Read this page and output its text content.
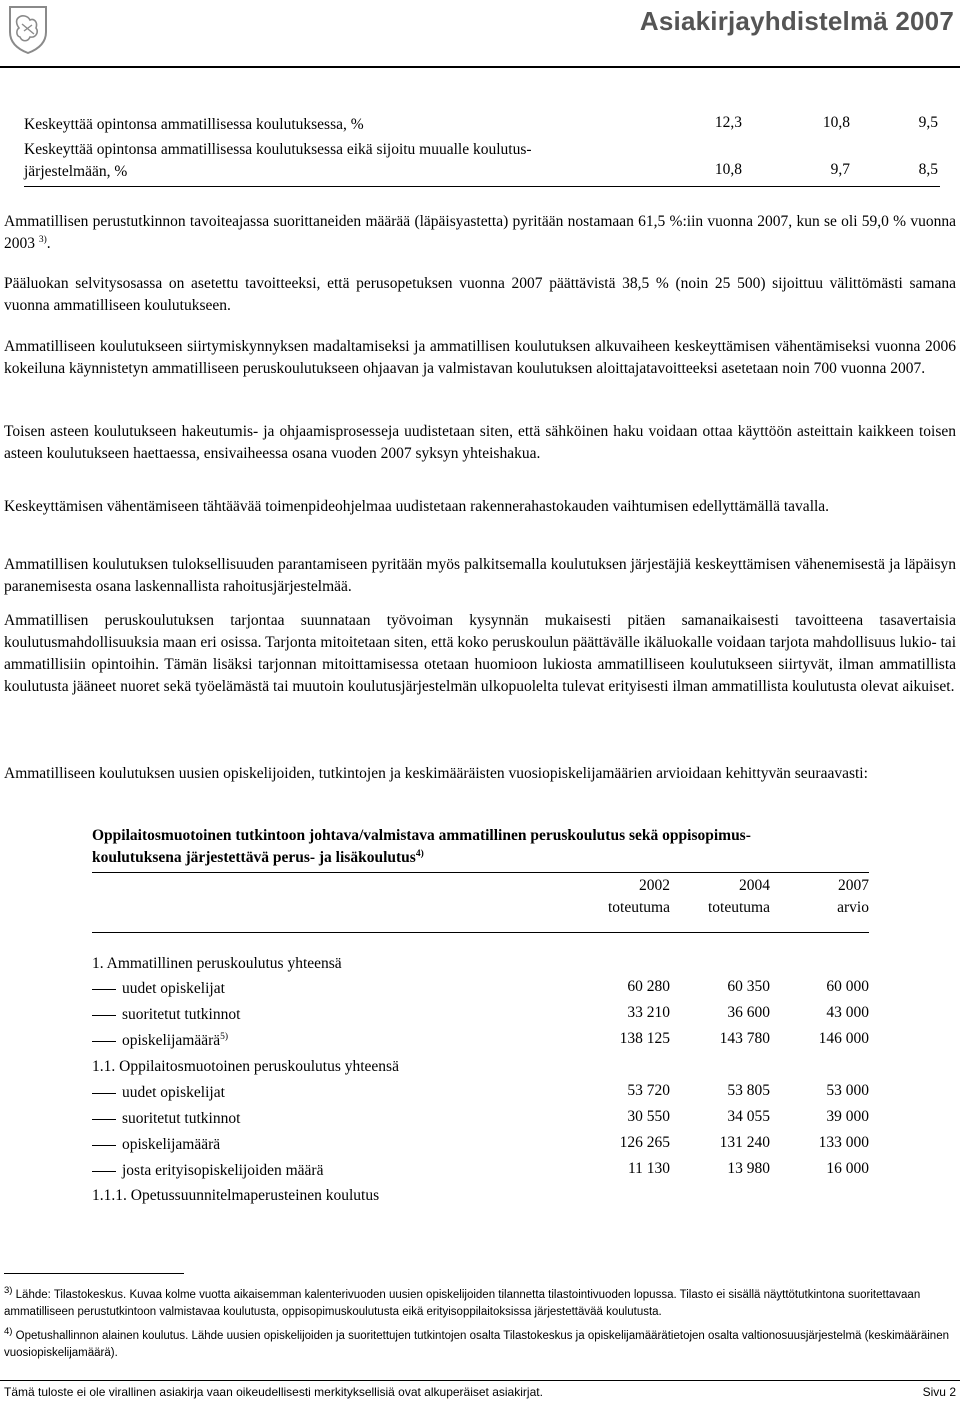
Asiakirjayhdistelmä 2007
Keskeyttää opintonsa ammatillisessa koulutuksessa, %	12,3	10,8	9,5
Keskeyttää opintonsa ammatillisessa koulutuksessa eikä sijoitu muualle koulutus-
järjestelmään, %	10,8	9,7	8,5
Ammatillisen perustutkinnon tavoiteajassa suorittaneiden määrää (läpäisyastetta) pyritään nostamaan 61,5 %:iin vuonna 2007, kun se oli 59,0 % vuonna 2003 $^{3)}$.
Pääluokan selvitysosassa on asetettu tavoitteeksi, että perusopetuksen vuonna 2007 päättävistä 38,5 % (noin 25 500) sijoittuu välittömästi samana vuonna ammatilliseen koulutukseen.
Ammatilliseen koulutukseen siirtymiskynnyksen madaltamiseksi ja ammatillisen koulutuksen alkuvaiheen keskeyttämisen vähentämiseksi vuonna 2006 kokeiluna käynnistetyn ammatilliseen peruskoulutukseen ohjaavan ja valmistavan koulutuksen aloittajatavoitteeksi asetetaan noin 700 vuonna 2007.
Toisen asteen koulutukseen hakeutumis- ja ohjaamisprosesseja uudistetaan siten, että sähköinen haku voidaan ottaa käyttöön asteittain kaikkeen toisen asteen koulutukseen haettaessa, ensivaiheessa osana vuoden 2007 syksyn yhteishakua.
Keskeyttämisen vähentämiseen tähtäävää toimenpideohjelmaa uudistetaan rakennerahastokauden vaihtumisen edellyttämällä tavalla.
Ammatillisen koulutuksen tuloksellisuuden parantamiseen pyritään myös palkitsemalla koulutuksen järjestäjiä keskeyttämisen vähenemisestä ja läpäisyn paranemisesta osana laskennallista rahoitusjärjestelmää.
Ammatillisen peruskoulutuksen tarjontaa suunnataan työvoiman kysynnän mukaisesti pitäen samanaikaisesti tavoitteena tasavertaisia koulutusmahdollisuuksia maan eri osissa. Tarjonta mitoitetaan siten, että koko peruskoulun päättävälle ikäluokalle voidaan tarjota mahdollisuus lukio- tai ammatillisiin opintoihin. Tämän lisäksi tarjonnan mitoittamisessa otetaan huomioon lukiosta ammatilliseen koulutukseen siirtyvät, ilman ammatillista koulutusta jääneet nuoret sekä työelämästä tai muutoin koulutusjärjestelmän ulkopuolelta tulevat erityisesti ilman ammatillista koulutusta olevat aikuiset.
Ammatilliseen koulutuksen uusien opiskelijoiden, tutkintojen ja keskimääräisten vuosiopiskelijamäärien arvioidaan kehittyvän seuraavasti:
Oppilaitosmuotoinen tutkintoon johtava/valmistava ammatillinen peruskoulutus sekä oppisopimus-
koulutuksena järjestettävä perus- ja lisäkoulutus$^{4)}$
2002	2004	2007
toteutuma	toteutuma	arvio
1. Ammatillinen peruskoulutus yhteensä
uudet opiskelijat	60 280	60 350	60 000
suoritetut tutkinnot	33 210	36 600	43 000
opiskelijamäärä$^{5)}$	138 125	143 780	146 000
1.1. Oppilaitosmuotoinen peruskoulutus yhteensä
uudet opiskelijat	53 720	53 805	53 000
suoritetut tutkinnot	30 550	34 055	39 000
opiskelijamäärä	126 265	131 240	133 000
josta erityisopiskelijoiden määrä	11 130	13 980	16 000
1.1.1. Opetussuunnitelmaperusteinen koulutus
$^{3)}$ Lähde: Tilastokeskus. Kuvaa kolme vuotta aikaisemman kalenterivuoden uusien opiskelijoiden tilannetta tilastointivuoden lopussa. Tilasto ei sisällä näyttötutkintona suoritettavaan ammatilliseen perustutkintoon valmistavaa koulutusta, oppisopimuskoulutusta eikä erityisoppilaitoksissa järjestettävää koulutusta.
$^{4)}$ Opetushallinnon alainen koulutus. Lähde uusien opiskelijoiden ja suoritettujen tutkintojen osalta Tilastokeskus ja opiskelijamäärätietojen osalta valtionosuusjärjestelmä (keskimääräinen vuosiopiskelijamäärä).
Tämä tuloste ei ole virallinen asiakirja vaan oikeudellisesti merkityksellisiä ovat alkuperäiset asiakirjat.	Sivu 2
